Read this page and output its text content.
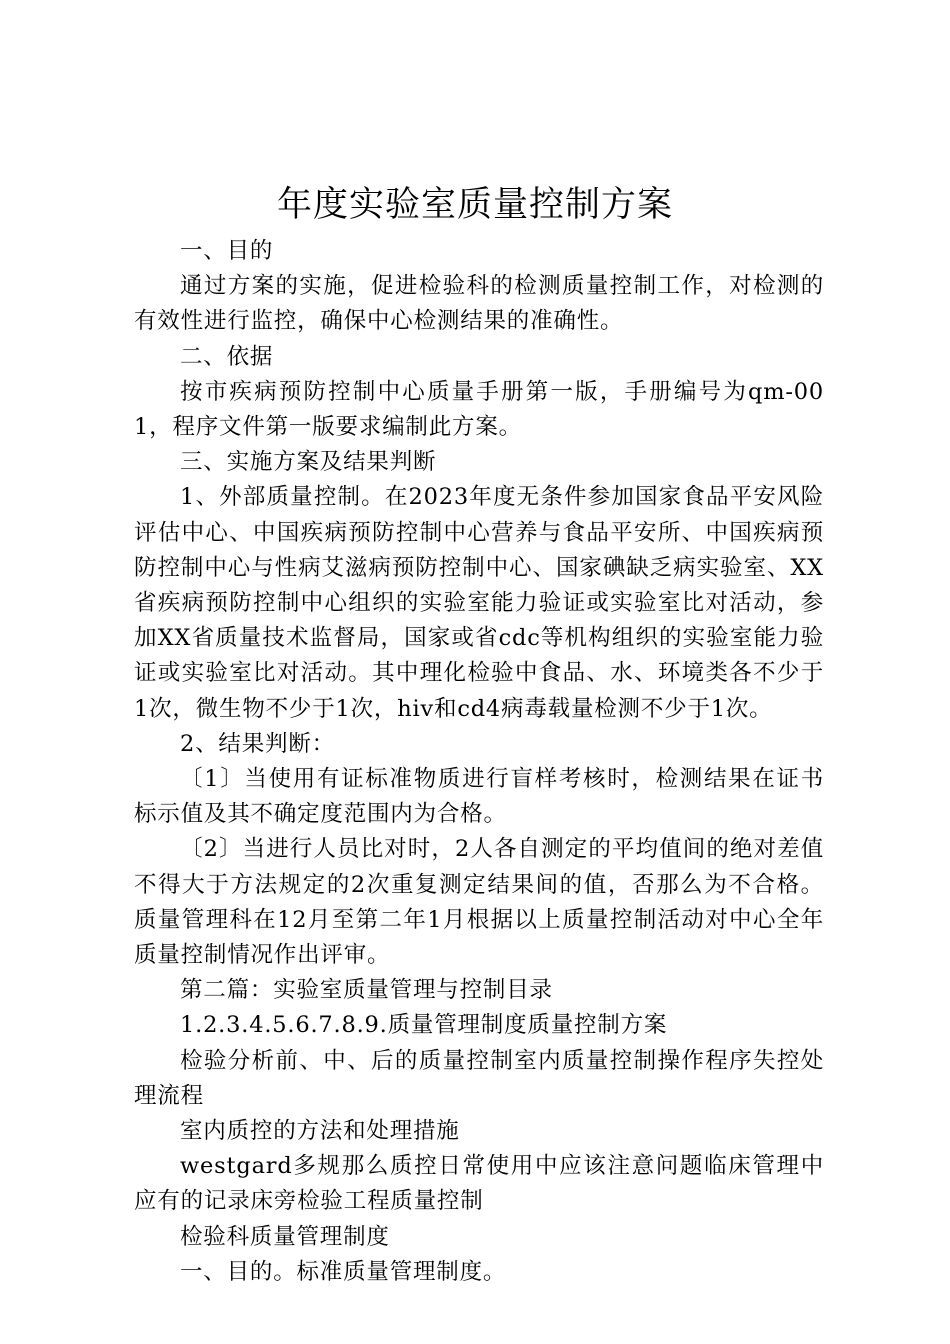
年度实验室质量控制方案

一、目的

通过方案的实施，促进检验科的检测质量控制工作，对检测的有效性进行监控，确保中心检测结果的准确性。

二、依据

按市疾病预防控制中心质量手册第一版，手册编号为qm-001，程序文件第一版要求编制此方案。

三、实施方案及结果判断

1、外部质量控制。在2023年度无条件参加国家食品平安风险评估中心、中国疾病预防控制中心营养与食品平安所、中国疾病预防控制中心与性病艾滋病预防控制中心、国家碘缺乏病实验室、XX省疾病预防控制中心组织的实验室能力验证或实验室比对活动，参加XX省质量技术监督局，国家或省cdc等机构组织的实验室能力验证或实验室比对活动。其中理化检验中食品、水、环境类各不少于1次，微生物不少于1次，hiv和cd4病毒载量检测不少于1次。

2、结果判断：

〔1〕当使用有证标准物质进行盲样考核时，检测结果在证书标示值及其不确定度范围内为合格。

〔2〕当进行人员比对时，2人各自测定的平均值间的绝对差值不得大于方法规定的2次重复测定结果间的值，否那么为不合格。质量管理科在12月至第二年1月根据以上质量控制活动对中心全年质量控制情况作出评审。

第二篇：实验室质量管理与控制目录

1.2.3.4.5.6.7.8.9.质量管理制度质量控制方案

检验分析前、中、后的质量控制室内质量控制操作程序失控处理流程

室内质控的方法和处理措施

westgard多规那么质控日常使用中应该注意问题临床管理中应有的记录床旁检验工程质量控制

检验科质量管理制度

一、目的。标准质量管理制度。
